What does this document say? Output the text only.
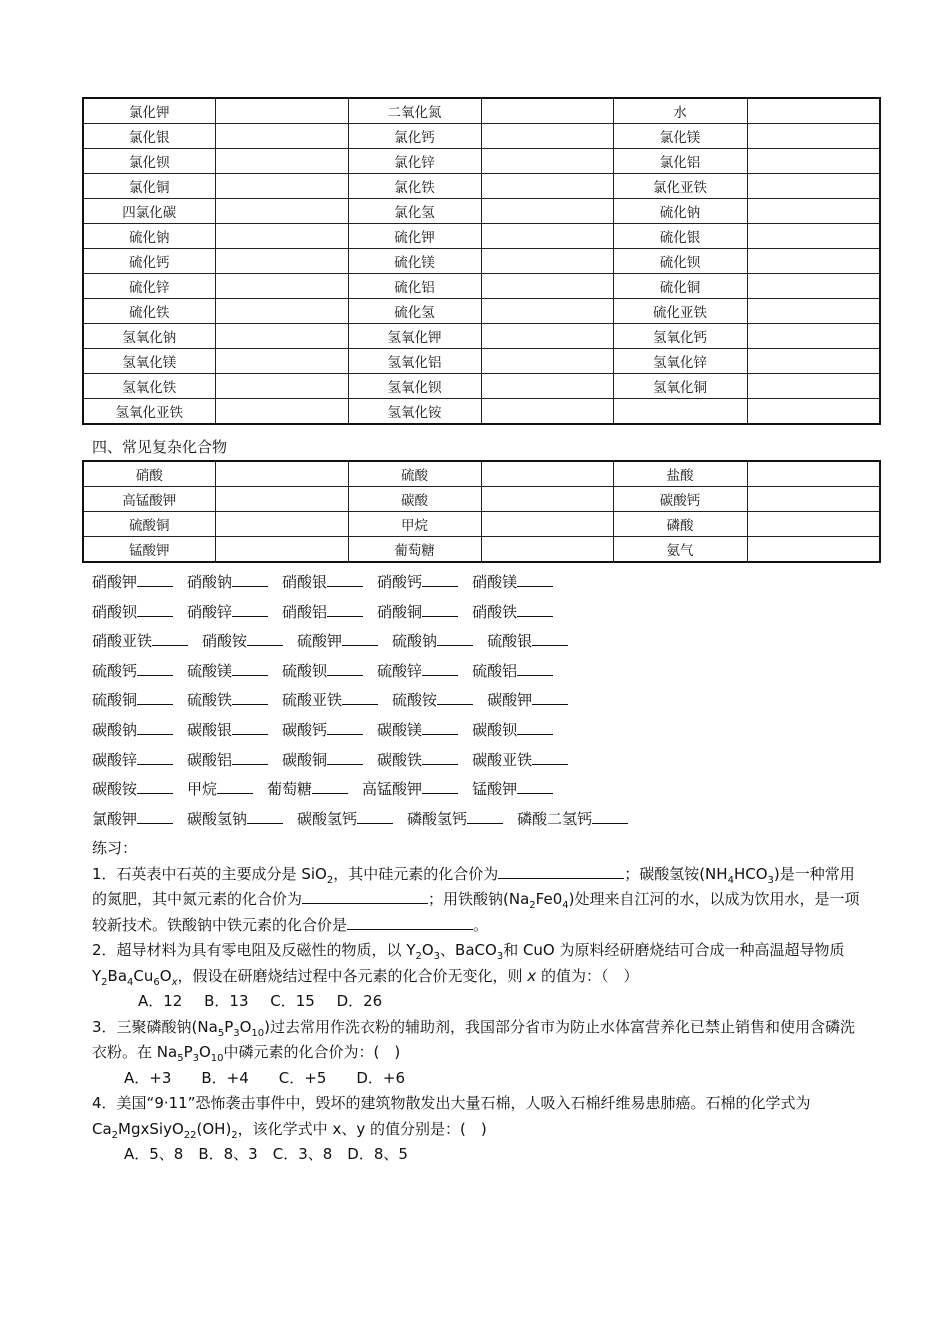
氯化钾		二氧化氮		水	
氯化银		氯化钙		氯化镁	
氯化钡		氯化锌		氯化铝	
氯化铜		氯化铁		氯化亚铁	
四氯化碳		氯化氢		硫化钠	
硫化钠		硫化钾		硫化银	
硫化钙		硫化镁		硫化钡	
硫化锌		硫化铝		硫化铜	
硫化铁		硫化氢		硫化亚铁	
氢氧化钠		氢氧化钾		氢氧化钙	
氢氧化镁		氢氧化铝		氢氧化锌	
氢氧化铁		氢氧化钡		氢氧化铜	
氢氧化亚铁		氢氧化铵			
四、常见复杂化合物
硝酸		硫酸		盐酸	
高锰酸钾		碳酸		碳酸钙	
硫酸铜		甲烷		磷酸	
锰酸钾		葡萄糖		氨气	
硝酸钾	硝酸钠	硝酸银	硝酸钙	硝酸镁
硝酸钡	硝酸锌	硝酸铝	硝酸铜	硝酸铁
硝酸亚铁	硝酸铵	硫酸钾	硫酸钠	硫酸银
硫酸钙	硫酸镁	硫酸钡	硫酸锌	硫酸铝
硫酸铜	硫酸铁	硫酸亚铁	硫酸铵	碳酸钾
碳酸钠	碳酸银	碳酸钙	碳酸镁	碳酸钡
碳酸锌	碳酸铝	碳酸铜	碳酸铁	碳酸亚铁
碳酸铵	甲烷	葡萄糖	高锰酸钾	锰酸钾
氯酸钾	碳酸氢钠	碳酸氢钙	磷酸氢钙	磷酸二氢钙

练习：

1．石英表中石英的主要成分是 SiO$_2$，其中硅元素的化合价为	；碳酸氢铵$(NH_4HCO_3)$是一种常用的氮肥，其中氮元素的化合价为	；用铁酸钠$(Na_2Fe0_4)$处理来自江河的水，以成为饮用水，是一项较新技术。铁酸钠中铁元素的化合价是	。

2．超导材料为具有零电阻及反磁性的物质，以 $Y_2O_3$、BaCO$_3$和 CuO 为原料经研磨烧结可合成一种高温超导物质 $Y_2Ba_4Cu_6O_x$，假设在研磨烧结过程中各元素的化合价无变化，则 x 的值为：（　）

A．12　 B．13　 C．15　 D．26

3．三聚磷酸钠$(Na_5P_3O_{10})$过去常用作洗衣粉的辅助剂，我国部分省市为防止水体富营养化已禁止销售和使用含磷洗衣粉。在 $Na_5P_3O_{10}$中磷元素的化合价为：(　)

A．+3　　B．+4　　C．+5　　D．+6

4．美国“9·11”恐怖袭击事件中，毁坏的建筑物散发出大量石棉，人吸入石棉纤维易患肺癌。石棉的化学式为 $Ca_2MgxSiyO_{22}(OH)_2$，该化学式中 x、y 的值分别是：(　)

A．5、8　B．8、3　C．3、8　D．8、5
